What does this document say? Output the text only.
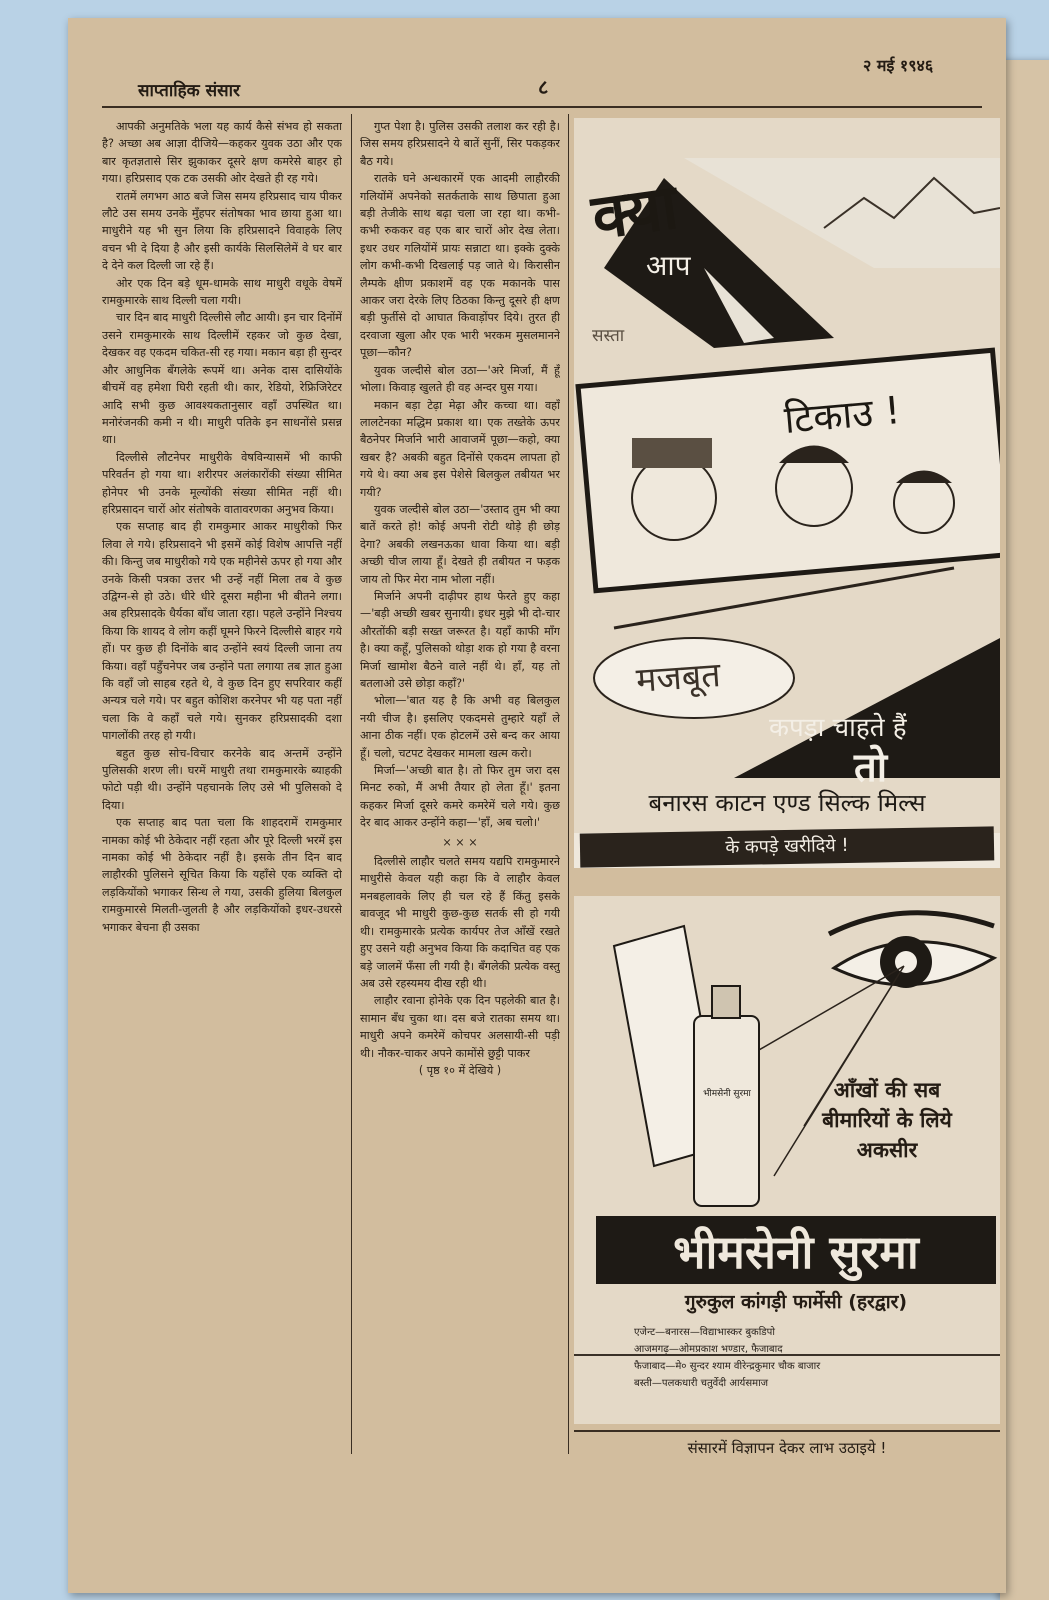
साप्ताहिक संसार	८
२ मई १९४६

आपकी अनुमतिके भला यह कार्य कैसे संभव हो सकता है? अच्छा अब आज्ञा दीजिये—कहकर युवक उठा और एक बार कृतज्ञतासे सिर झुकाकर दूसरे क्षण कमरेसे बाहर हो गया। हरिप्रसाद एक टक उसकी ओर देखते ही रह गये।

रातमें लगभग आठ बजे जिस समय हरिप्रसाद चाय पीकर लौटे उस समय उनके मुँहपर संतोषका भाव छाया हुआ था। माधुरीने यह भी सुन लिया कि हरिप्रसादने विवाहके लिए वचन भी दे दिया है और इसी कार्यके सिलसिलेमें वे घर बार दे देने कल दिल्ली जा रहे हैं।

ओर एक दिन बड़े धूम-धामके साथ माधुरी वधूके वेषमें रामकुमारके साथ दिल्ली चला गयी।

चार दिन बाद माधुरी दिल्लीसे लौट आयी। इन चार दिनोंमें उसने रामकुमारके साथ दिल्लीमें रहकर जो कुछ देखा, देखकर वह एकदम चकित-सी रह गया। मकान बड़ा ही सुन्दर और आधुनिक बँगलेके रूपमें था। अनेक दास दासियोंके बीचमें वह हमेशा घिरी रहती थी। कार, रेडियो, रेफ्रिजिरेटर आदि सभी कुछ आवश्यकतानुसार वहाँ उपस्थित था। मनोरंजनकी कमी न थी। माधुरी पतिके इन साधनोंसे प्रसन्न था।

दिल्लीसे लौटनेपर माधुरीके वेषविन्यासमें भी काफी परिवर्तन हो गया था। शरीरपर अलंकारोंकी संख्या सीमित होनेपर भी उनके मूल्योंकी संख्या सीमित नहीं थी। हरिप्रसादन चारों ओर संतोषके वातावरणका अनुभव किया।

एक सप्ताह बाद ही रामकुमार आकर माधुरीको फिर लिवा ले गये। हरिप्रसादने भी इसमें कोई विशेष आपत्ति नहीं की। किन्तु जब माधुरीको गये एक महीनेसे ऊपर हो गया और उनके किसी पत्रका उत्तर भी उन्हें नहीं मिला तब वे कुछ उद्विग्न-से हो उठे। धीरे धीरे दूसरा महीना भी बीतने लगा। अब हरिप्रसादके धैर्यका बाँध जाता रहा। पहले उन्होंने निश्चय किया कि शायद वे लोग कहीं घूमने फिरने दिल्लीसे बाहर गये हों। पर कुछ ही दिनोंके बाद उन्होंने स्वयं दिल्ली जाना तय किया। वहाँ पहुँचनेपर जब उन्होंने पता लगाया तब ज्ञात हुआ कि वहाँ जो साहब रहते थे, वे कुछ दिन हुए सपरिवार कहीं अन्यत्र चले गये। पर बहुत कोशिश करनेपर भी यह पता नहीं चला कि वे कहाँ चले गये। सुनकर हरिप्रसादकी दशा पागलोंकी तरह हो गयी।

बहुत कुछ सोच-विचार करनेके बाद अन्तमें उन्होंने पुलिसकी शरण ली। घरमें माधुरी तथा रामकुमारके ब्याहकी फोटो पड़ी थी। उन्होंने पहचानके लिए उसे भी पुलिसको दे दिया।

एक सप्ताह बाद पता चला कि शाहदरामें रामकुमार नामका कोई भी ठेकेदार नहीं रहता और पूरे दिल्ली भरमें इस नामका कोई भी ठेकेदार नहीं है। इसके तीन दिन बाद लाहौरकी पुलिसने सूचित किया कि यहाँसे एक व्यक्ति दो लड़कियोंको भगाकर सिन्ध ले गया, उसकी हुलिया बिलकुल रामकुमारसे मिलती-जुलती है और लड़कियोंको इधर-उधरसे भगाकर बेचना ही उसका

गुप्त पेशा है। पुलिस उसकी तलाश कर रही है। जिस समय हरिप्रसादने ये बातें सुनीं, सिर पकड़कर बैठ गये।

रातके घने अन्धकारमें एक आदमी लाहौरकी गलियोंमें अपनेको सतर्कताके साथ छिपाता हुआ बड़ी तेजीके साथ बढ़ा चला जा रहा था। कभी-कभी रुककर वह एक बार चारों ओर देख लेता। इधर उधर गलियोंमें प्रायः सन्नाटा था। इक्के दुक्के लोग कभी-कभी दिखलाई पड़ जाते थे। किरासीन लैम्पके क्षीण प्रकाशमें वह एक मकानके पास आकर जरा देरके लिए ठिठका किन्तु दूसरे ही क्षण बड़ी फुर्तीसे दो आघात किवाड़ोंपर दिये। तुरत ही दरवाजा खुला और एक भारी भरकम मुसलमानने पूछा—कौन?

युवक जल्दीसे बोल उठा—'अरे मिर्जा, मैं हूँ भोला। किवाड़ खुलते ही वह अन्दर घुस गया।

मकान बड़ा टेढ़ा मेढ़ा और कच्चा था। वहाँ लालटेनका मद्धिम प्रकाश था। एक तख्तेके ऊपर बैठनेपर मिर्जाने भारी आवाजमें पूछा—कहो, क्या खबर है? अबकी बहुत दिनोंसे एकदम लापता हो गये थे। क्या अब इस पेशेसे बिलकुल तबीयत भर गयी?

युवक जल्दीसे बोल उठा—'उस्ताद तुम भी क्या बातें करते हो! कोई अपनी रोटी थोड़े ही छोड़ देगा? अबकी लखनऊका धावा किया था। बड़ी अच्छी चीज लाया हूँ। देखते ही तबीयत न फड़क जाय तो फिर मेरा नाम भोला नहीं।

मिर्जाने अपनी दाढ़ीपर हाथ फेरते हुए कहा—'बड़ी अच्छी खबर सुनायी। इधर मुझे भी दो-चार औरतोंकी बड़ी सख्त जरूरत है। यहाँ काफी माँग है। क्या कहूँ, पुलिसको थोड़ा शक हो गया है वरना मिर्जा खामोश बैठने वाले नहीं थे। हाँ, यह तो बतलाओ उसे छोड़ा कहाँ?'

भोला—'बात यह है कि अभी वह बिलकुल नयी चीज है। इसलिए एकदमसे तुम्हारे यहाँ ले आना ठीक नहीं। एक होटलमें उसे बन्द कर आया हूँ। चलो, चटपट देखकर मामला खत्म करो।

मिर्जा—'अच्छी बात है। तो फिर तुम जरा दस मिनट रुको, मैं अभी तैयार हो लेता हूँ।' इतना कहकर मिर्जा दूसरे कमरे कमरेमें चले गये। कुछ देर बाद आकर उन्होंने कहा—'हाँ, अब चलो।'

× × ×

दिल्लीसे लाहौर चलते समय यद्यपि रामकुमारने माधुरीसे केवल यही कहा कि वे लाहौर केवल मनबहलावके लिए ही चल रहे हैं किंतु इसके बावजूद भी माधुरी कुछ-कुछ सतर्क सी हो गयी थी। रामकुमारके प्रत्येक कार्यपर तेज आँखें रखते हुए उसने यही अनुभव किया कि कदाचित वह एक बड़े जालमें फँसा ली गयी है। बँगलेकी प्रत्येक वस्तु अब उसे रहस्यमय दीख रही थी।

लाहौर रवाना होनेके एक दिन पहलेकी बात है। सामान बँध चुका था। दस बजे रातका समय था। माधुरी अपने कमरेमें कोचपर अलसायी-सी पड़ी थी। नौकर-चाकर अपने कामोंसे छुट्टी पाकर

( पृष्ठ १० में देखिये )
क्या
आप
सस्ता
टिकाउ !
मजबूत
कपड़ा चाहते हैं
तो
बनारस काटन एण्ड सिल्क मिल्स
के कपड़े खरीदिये !
भीमसेनी सुरमा	आँखों की सब
बीमारियों के लिये
अकसीर
भीमसेनी सुरमा
गुरुकुल कांगड़ी फार्मेसी (हरद्वार)
एजेन्ट—बनारस—विद्याभास्कर बुकडिपो
आजमगढ़—ओमप्रकाश भण्डार, फैजाबाद
फैजाबाद—मे० सुन्दर श्याम वीरेन्द्रकुमार चौक बाजार
बस्ती—पलकधारी चतुर्वेदी आर्यसमाज
संसारमें विज्ञापन देकर लाभ उठाइये !
